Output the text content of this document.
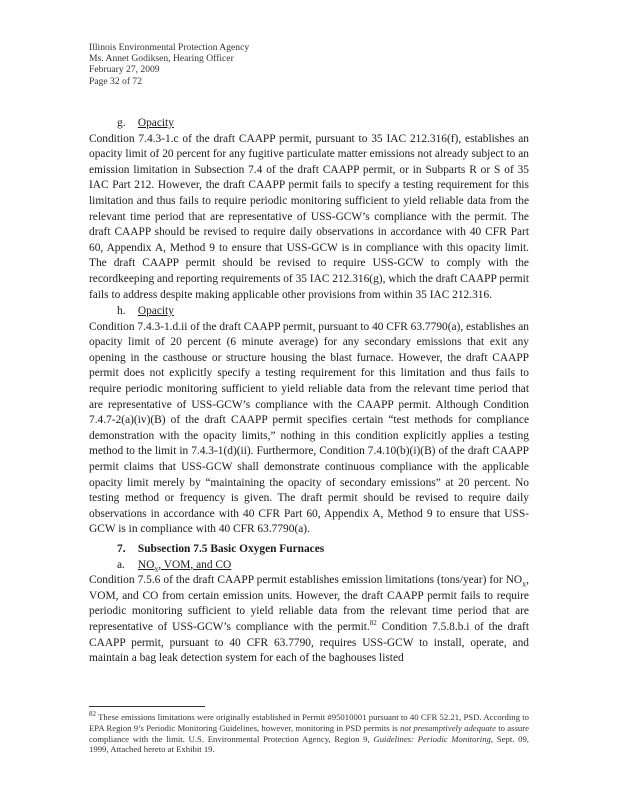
Illinois Environmental Protection Agency
Ms. Annet Godiksen, Hearing Officer
February 27, 2009
Page 32 of 72
g. Opacity

Condition 7.4.3-1.c of the draft CAAPP permit, pursuant to 35 IAC 212.316(f), establishes an opacity limit of 20 percent for any fugitive particulate matter emissions not already subject to an emission limitation in Subsection 7.4 of the draft CAAPP permit, or in Subparts R or S of 35 IAC Part 212. However, the draft CAAPP permit fails to specify a testing requirement for this limitation and thus fails to require periodic monitoring sufficient to yield reliable data from the relevant time period that are representative of USS-GCW’s compliance with the permit. The draft CAAPP should be revised to require daily observations in accordance with 40 CFR Part 60, Appendix A, Method 9 to ensure that USS-GCW is in compliance with this opacity limit. The draft CAAPP permit should be revised to require USS-GCW to comply with the recordkeeping and reporting requirements of 35 IAC 212.316(g), which the draft CAAPP permit fails to address despite making applicable other provisions from within 35 IAC 212.316.

h. Opacity

Condition 7.4.3-1.d.ii of the draft CAAPP permit, pursuant to 40 CFR 63.7790(a), establishes an opacity limit of 20 percent (6 minute average) for any secondary emissions that exit any opening in the casthouse or structure housing the blast furnace. However, the draft CAAPP permit does not explicitly specify a testing requirement for this limitation and thus fails to require periodic monitoring sufficient to yield reliable data from the relevant time period that are representative of USS-GCW’s compliance with the CAAPP permit. Although Condition 7.4.7-2(a)(iv)(B) of the draft CAAPP permit specifies certain “test methods for compliance demonstration with the opacity limits,” nothing in this condition explicitly applies a testing method to the limit in 7.4.3-1(d)(ii). Furthermore, Condition 7.4.10(b)(i)(B) of the draft CAAPP permit claims that USS-GCW shall demonstrate continuous compliance with the applicable opacity limit merely by “maintaining the opacity of secondary emissions” at 20 percent. No testing method or frequency is given. The draft permit should be revised to require daily observations in accordance with 40 CFR Part 60, Appendix A, Method 9 to ensure that USS-GCW is in compliance with 40 CFR 63.7790(a).

7. Subsection 7.5 Basic Oxygen Furnaces
a. $NO_x$, VOM, and CO

Condition 7.5.6 of the draft CAAPP permit establishes emission limitations (tons/year) for $NO_x$, VOM, and CO from certain emission units. However, the draft CAAPP permit fails to require periodic monitoring sufficient to yield reliable data from the relevant time period that are representative of USS-GCW’s compliance with the permit.$^{82}$ Condition 7.5.8.b.i of the draft CAAPP permit, pursuant to 40 CFR 63.7790, requires USS-GCW to install, operate, and maintain a bag leak detection system for each of the baghouses listed

$^{82}$ These emissions limitations were originally established in Permit #95010001 pursuant to 40 CFR 52.21, PSD. According to EPA Region 9’s Periodic Monitoring Guidelines, however, monitoring in PSD permits is not presumptively adequate to assure compliance with the limit. U.S. Environmental Protection Agency, Region 9, Guidelines: Periodic Monitoring, Sept. 09, 1999, Attached hereto at Exhibit 19.
